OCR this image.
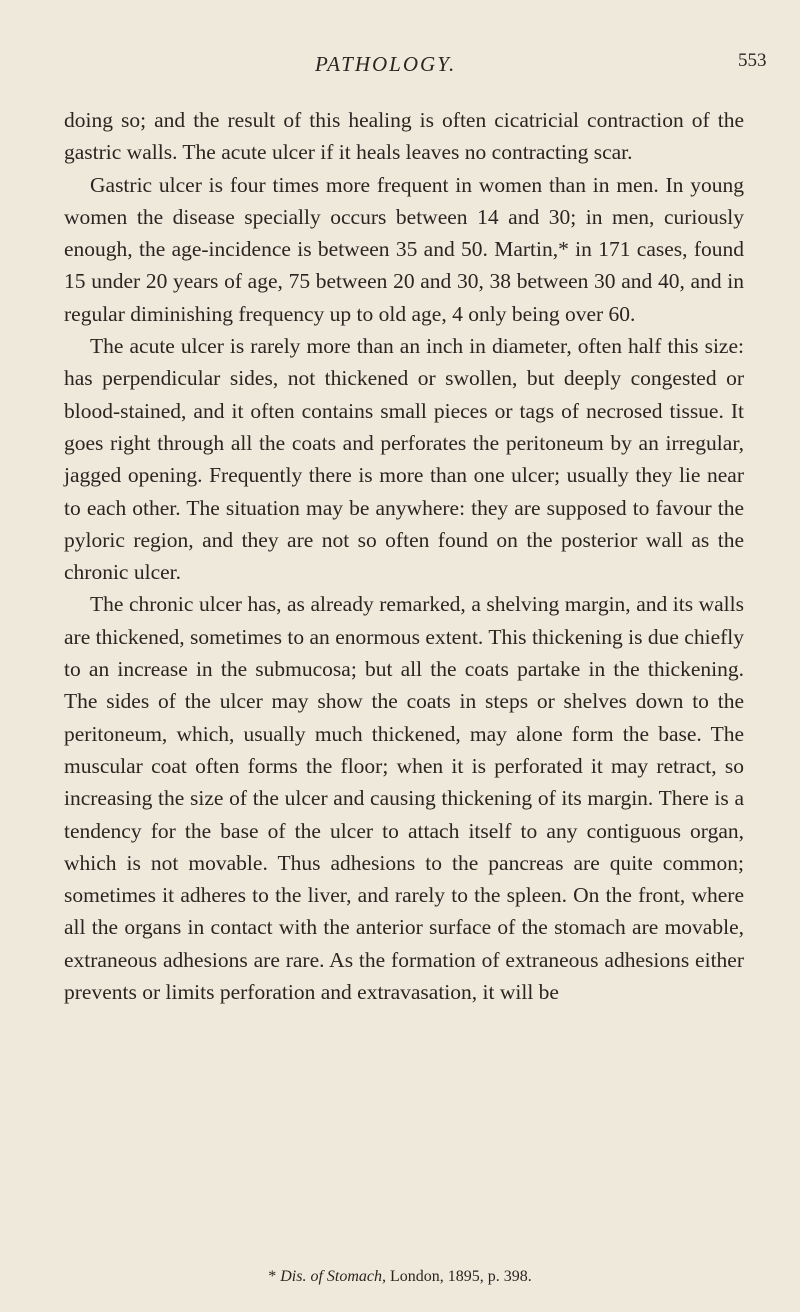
PATHOLOGY.	553

doing so; and the result of this healing is often cicatricial contraction of the gastric walls. The acute ulcer if it heals leaves no contracting scar.

Gastric ulcer is four times more frequent in women than in men. In young women the disease specially occurs between 14 and 30; in men, curiously enough, the age-incidence is between 35 and 50. Martin,* in 171 cases, found 15 under 20 years of age, 75 between 20 and 30, 38 between 30 and 40, and in regular diminishing frequency up to old age, 4 only being over 60.

The acute ulcer is rarely more than an inch in diameter, often half this size: has perpendicular sides, not thickened or swollen, but deeply congested or blood-stained, and it often contains small pieces or tags of necrosed tissue. It goes right through all the coats and perforates the peritoneum by an irregular, jagged opening. Frequently there is more than one ulcer; usually they lie near to each other. The situation may be anywhere: they are supposed to favour the pyloric region, and they are not so often found on the posterior wall as the chronic ulcer.

The chronic ulcer has, as already remarked, a shelving margin, and its walls are thickened, sometimes to an enormous extent. This thickening is due chiefly to an increase in the submucosa; but all the coats partake in the thickening. The sides of the ulcer may show the coats in steps or shelves down to the peritoneum, which, usually much thickened, may alone form the base. The muscular coat often forms the floor; when it is perforated it may retract, so increasing the size of the ulcer and causing thickening of its margin. There is a tendency for the base of the ulcer to attach itself to any contiguous organ, which is not movable. Thus adhesions to the pancreas are quite common; sometimes it adheres to the liver, and rarely to the spleen. On the front, where all the organs in contact with the anterior surface of the stomach are movable, extraneous adhesions are rare. As the formation of extraneous adhesions either prevents or limits perforation and extravasation, it will be

* Dis. of Stomach, London, 1895, p. 398.
